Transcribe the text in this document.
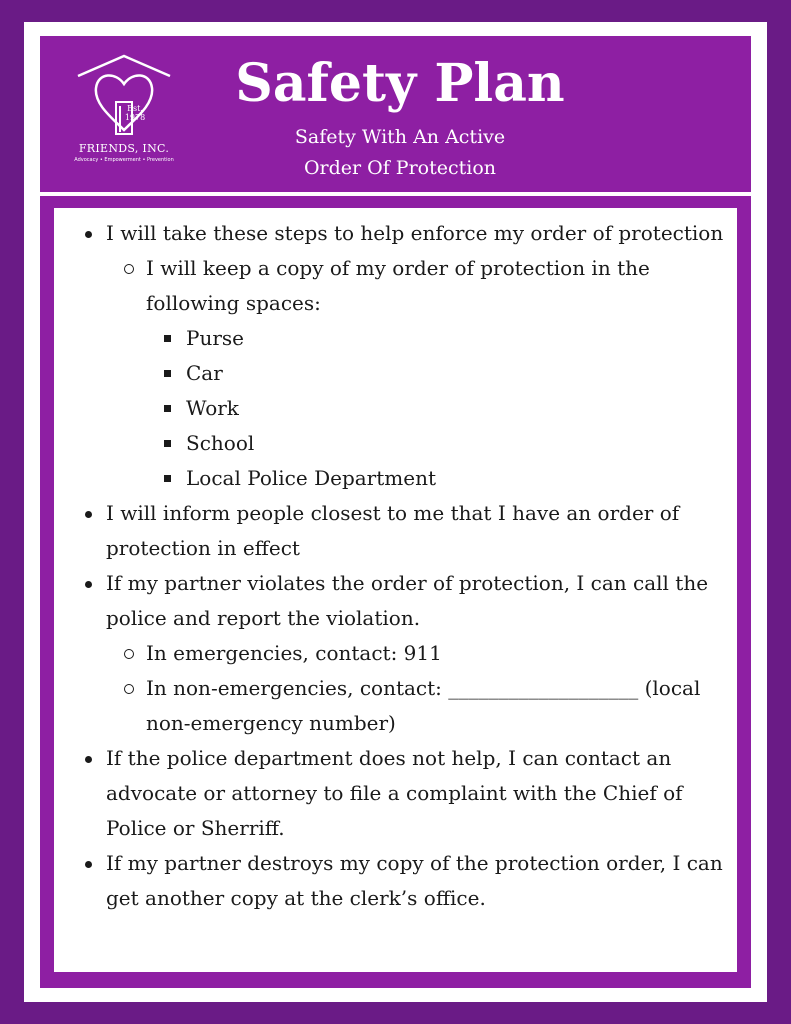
Est. 1978
FRIENDS, INC.
Advocacy • Empowerment • Prevention
Safety Plan
Safety With An Active
Order Of Protection
I will take these steps to help enforce my order of protection
I will keep a copy of my order of protection in the following spaces:
Purse
Car
Work
School
Local Police Department
I will inform people closest to me that I have an order of protection in effect
If my partner violates the order of protection, I can call the police and report the violation.
In emergencies, contact: 911
In non-emergencies, contact: ___________________ (local non-emergency number)
If the police department does not help, I can contact an advocate or attorney to file a complaint with the Chief of Police or Sherriff.
If my partner destroys my copy of the protection order, I can get another copy at the clerk’s office.
